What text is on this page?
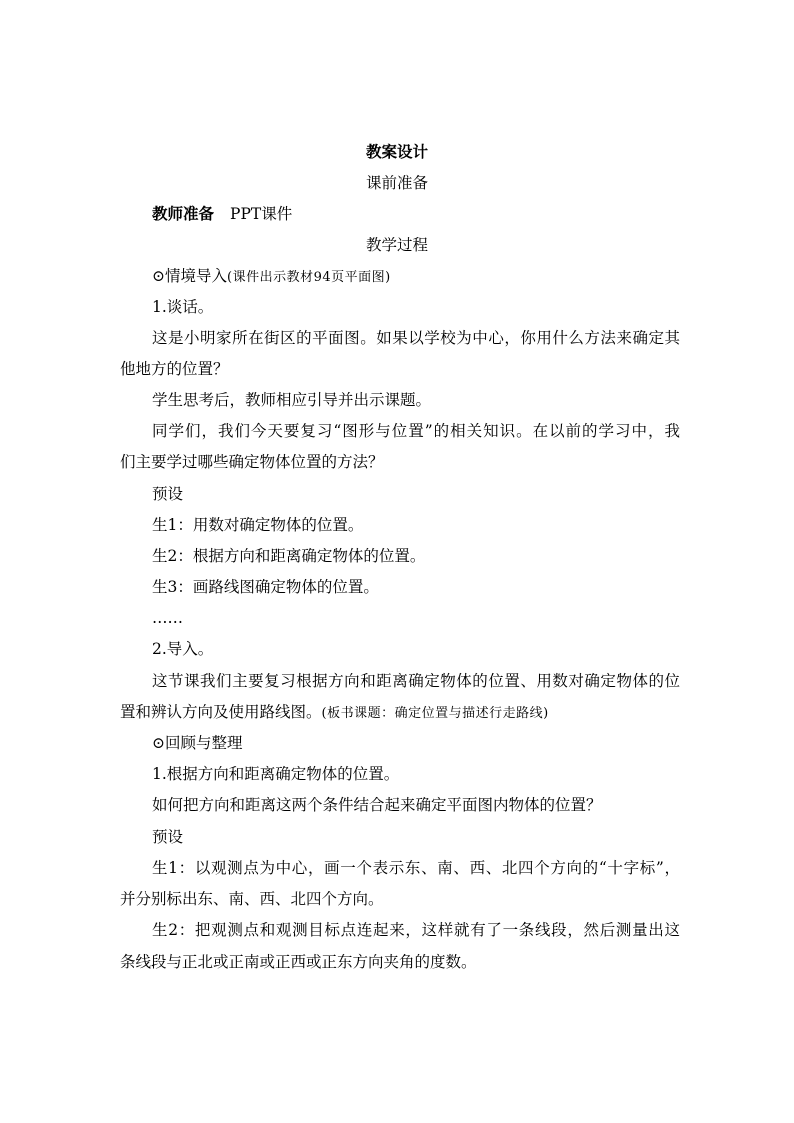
教案设计
课前准备
教师准备 PPT课件
教学过程
⊙情境导入(课件出示教材94页平面图)
1.谈话。
这是小明家所在街区的平面图。如果以学校为中心，你用什么方法来确定其
他地方的位置？
学生思考后，教师相应引导并出示课题。
同学们，我们今天要复习“图形与位置”的相关知识。在以前的学习中，我
们主要学过哪些确定物体位置的方法？
预设
生1：用数对确定物体的位置。
生2：根据方向和距离确定物体的位置。
生3：画路线图确定物体的位置。
……
2.导入。
这节课我们主要复习根据方向和距离确定物体的位置、用数对确定物体的位
置和辨认方向及使用路线图。(板书课题：确定位置与描述行走路线)
⊙回顾与整理
1.根据方向和距离确定物体的位置。
如何把方向和距离这两个条件结合起来确定平面图内物体的位置？
预设
生1：以观测点为中心，画一个表示东、南、西、北四个方向的“十字标”，
并分别标出东、南、西、北四个方向。
生2：把观测点和观测目标点连起来，这样就有了一条线段，然后测量出这
条线段与正北或正南或正西或正东方向夹角的度数。
